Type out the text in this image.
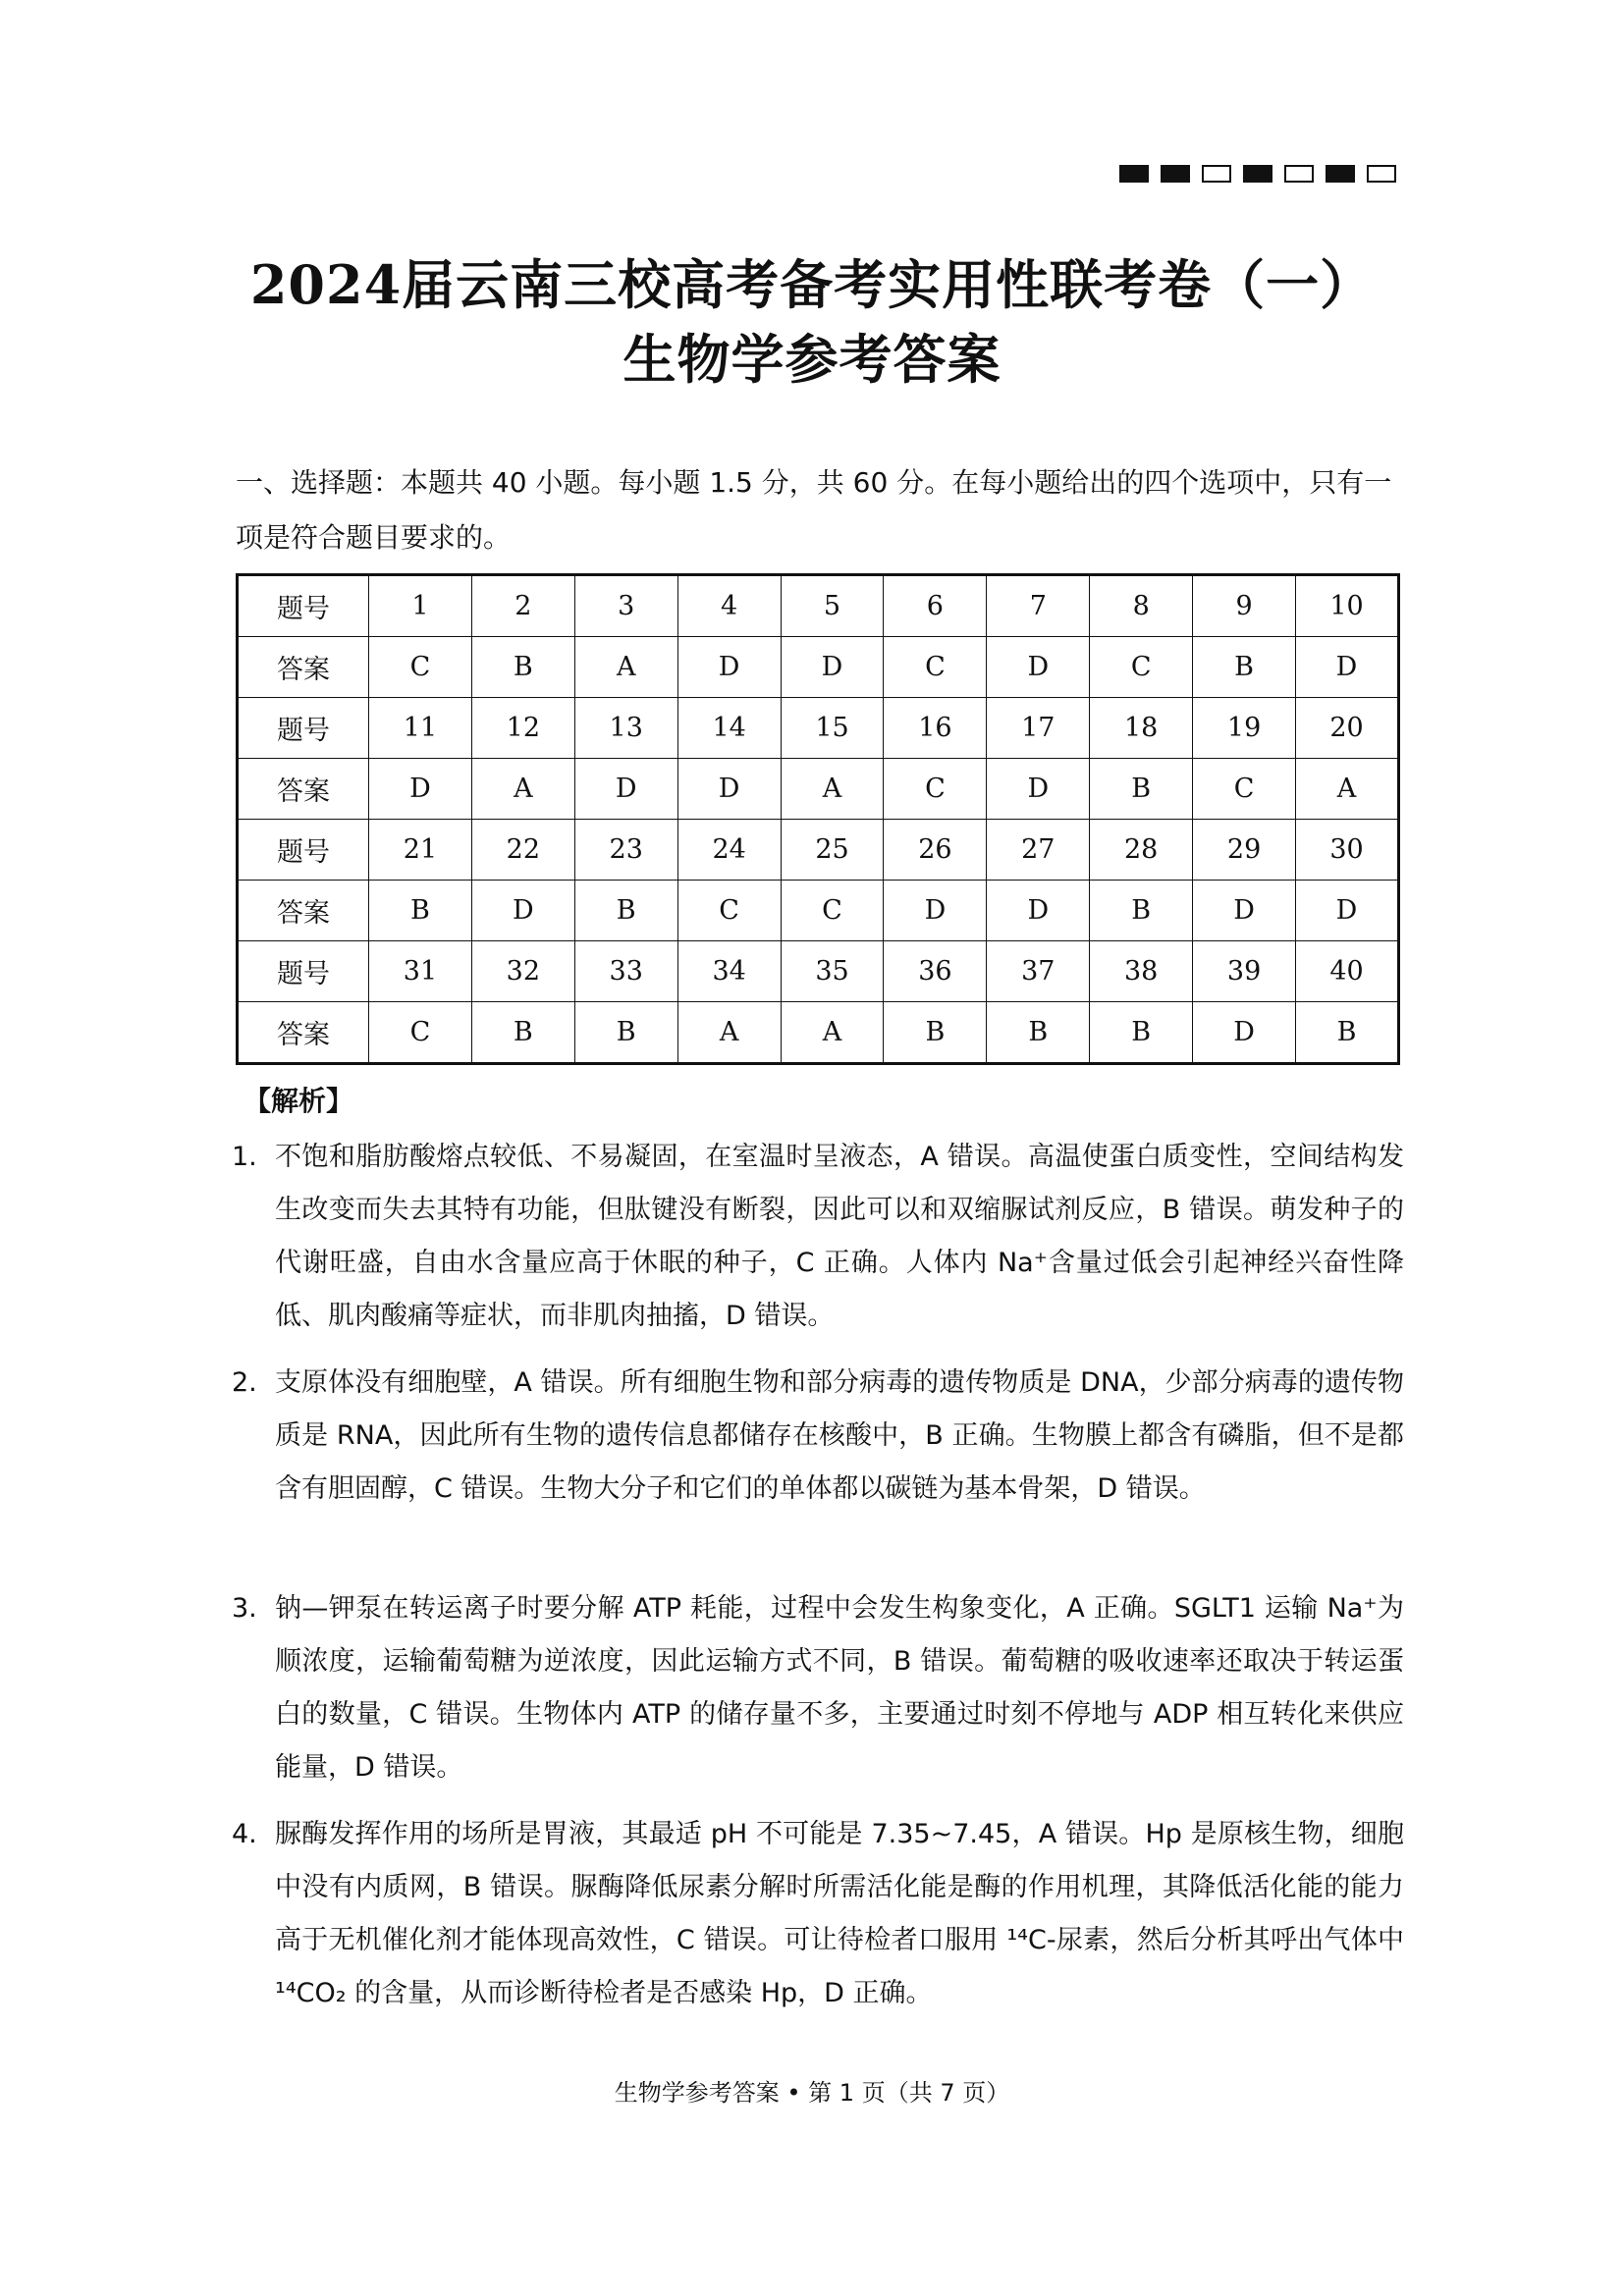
2024届云南三校高考备考实用性联考卷（一）
生物学参考答案
一、选择题：本题共 40 小题。每小题 1.5 分，共 60 分。在每小题给出的四个选项中，只有一项是符合题目要求的。
题号	1	2	3	4	5	6	7	8	9	10
答案	C	B	A	D	D	C	D	C	B	D
题号	11	12	13	14	15	16	17	18	19	20
答案	D	A	D	D	A	C	D	B	C	A
题号	21	22	23	24	25	26	27	28	29	30
答案	B	D	B	C	C	D	D	B	D	D
题号	31	32	33	34	35	36	37	38	39	40
答案	C	B	B	A	A	B	B	B	D	B
【解析】
1. 不饱和脂肪酸熔点较低、不易凝固，在室温时呈液态，A 错误。高温使蛋白质变性，空间结构发生改变而失去其特有功能，但肽键没有断裂，因此可以和双缩脲试剂反应，B 错误。萌发种子的代谢旺盛，自由水含量应高于休眠的种子，C 正确。人体内 Na⁺含量过低会引起神经兴奋性降低、肌肉酸痛等症状，而非肌肉抽搐，D 错误。
2. 支原体没有细胞壁，A 错误。所有细胞生物和部分病毒的遗传物质是 DNA，少部分病毒的遗传物质是 RNA，因此所有生物的遗传信息都储存在核酸中，B 正确。生物膜上都含有磷脂，但不是都含有胆固醇，C 错误。生物大分子和它们的单体都以碳链为基本骨架，D 错误。
3. 钠—钾泵在转运离子时要分解 ATP 耗能，过程中会发生构象变化，A 正确。SGLT1 运输 Na⁺为顺浓度，运输葡萄糖为逆浓度，因此运输方式不同，B 错误。葡萄糖的吸收速率还取决于转运蛋白的数量，C 错误。生物体内 ATP 的储存量不多，主要通过时刻不停地与 ADP 相互转化来供应能量，D 错误。
4. 脲酶发挥作用的场所是胃液，其最适 pH 不可能是 7.35~7.45，A 错误。Hp 是原核生物，细胞中没有内质网，B 错误。脲酶降低尿素分解时所需活化能是酶的作用机理，其降低活化能的能力高于无机催化剂才能体现高效性，C 错误。可让待检者口服用 ¹⁴C-尿素，然后分析其呼出气体中 ¹⁴CO₂ 的含量，从而诊断待检者是否感染 Hp，D 正确。
生物学参考答案 • 第 1 页（共 7 页）
